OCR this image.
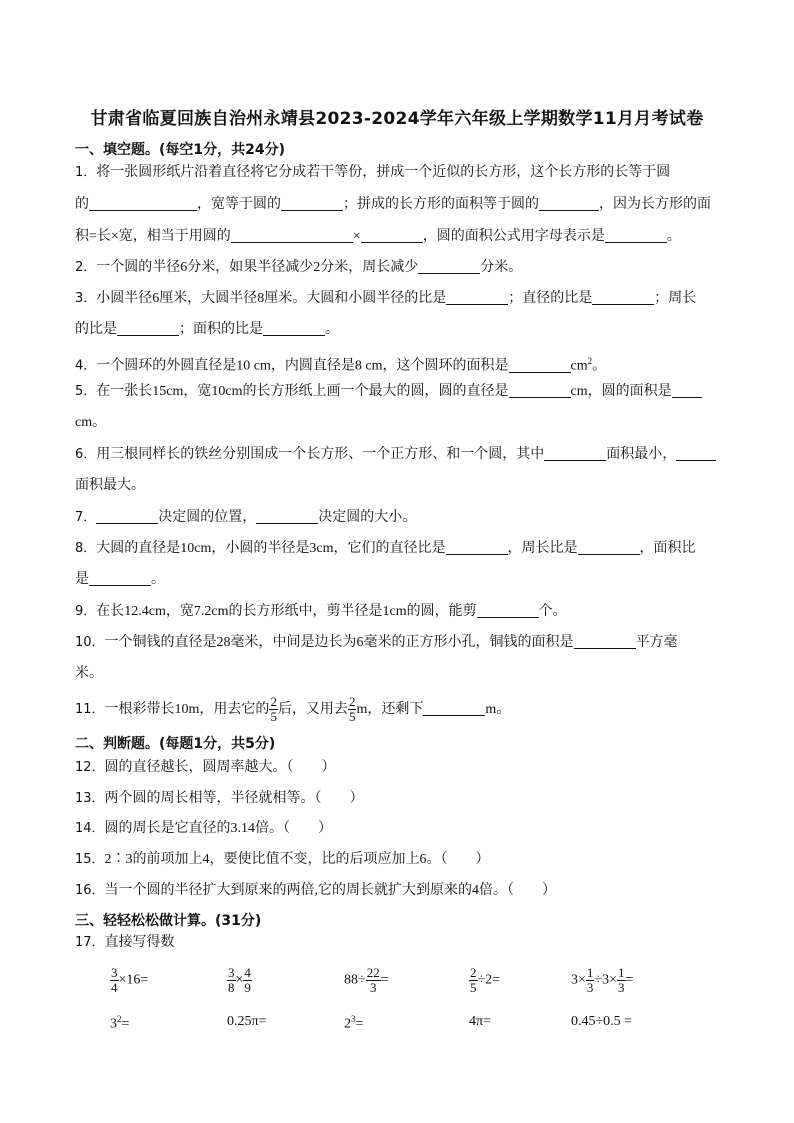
甘肃省临夏回族自治州永靖县2023-2024学年六年级上学期数学11月月考试卷
一、填空题。(每空1分，共24分)
1．将一张圆形纸片沿着直径将它分成若干等份，拼成一个近似的长方形，这个长方形的长等于圆
的	，宽等于圆的	；拼成的长方形的面积等于圆的	，因为长方形的面
积=长×宽，相当于用圆的	×	，圆的面积公式用字母表示是	。
2．一个圆的半径6分米，如果半径减少2分米，周长减少	分米。
3．小圆半径6厘米，大圆半径8厘米。大圆和小圆半径的比是	；直径的比是	；周长
的比是	；面积的比是	。
4．一个圆环的外圆直径是10 cm，内圆直径是8 cm，这个圆环的面积是	$cm^2$。
5．在一张长15cm，宽10cm的长方形纸上画一个最大的圆，圆的直径是	cm，圆的面积是
cm。
6．用三根同样长的铁丝分别围成一个长方形、一个正方形、和一个圆，其中	面积最小，
面积最大。
7．	决定圆的位置，	决定圆的大小。
8．大圆的直径是10cm，小圆的半径是3cm，它们的直径比是	，周长比是	，面积比
是	。
9．在长12.4cm，宽7.2cm的长方形纸中，剪半径是1cm的圆，能剪	个。
10．一个铜钱的直径是28毫米，中间是边长为6毫米的正方形小孔，铜钱的面积是	平方毫
米。
11．一根彩带长10m，用去它的 $\frac{2}{5}$ 后，又用去 $\frac{2}{5}$ m，还剩下	m。
二、判断题。(每题1分，共5分)
12．圆的直径越长，圆周率越大。（　　）
13．两个圆的周长相等，半径就相等。（　　）
14．圆的周长是它直径的3.14倍。（　　）
15．2∶3的前项加上4，要使比值不变，比的后项应加上6。（　　）
16．当一个圆的半径扩大到原来的两倍,它的周长就扩大到原来的4倍。（　　）
三、轻轻松松做计算。(31分)
17．直接写得数
$\frac{3}{4} \times 16=$	$\frac{3}{8} \times \frac{4}{9}$	$88\div \frac{22}{3}$ =	$\frac{2}{5} \div 2=$	$3\times \frac{1}{3} \div 3\times \frac{1}{3}$ =
$3^2=$	0.25π=	$2^3=$	4π=	0.45÷0.5 =
